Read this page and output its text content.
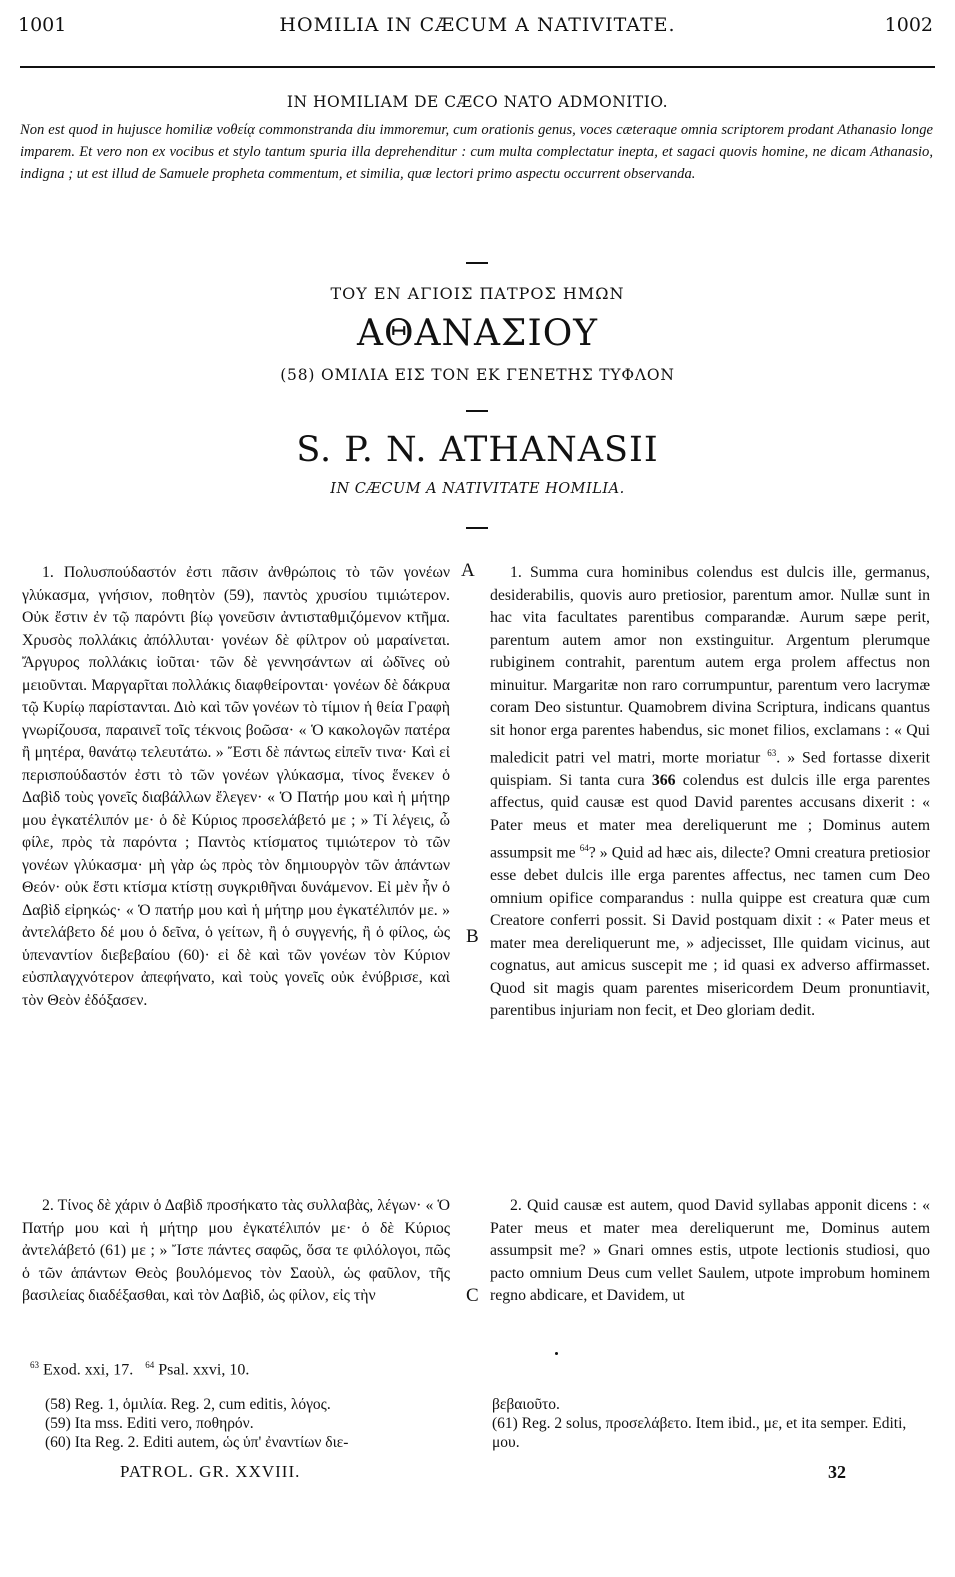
1001	HOMILIA IN CÆCUM A NATIVITATE.	1002
IN HOMILIAM DE CÆCO NATO ADMONITIO.
Non est quod in hujusce homiliæ νοθείᾳ commonstranda diu immoremur, cum orationis genus, voces cæteraque omnia scriptorem prodant Athanasio longe imparem. Et vero non ex vocibus et stylo tantum spuria illa deprehenditur : cum multa complectatur inepta, et sagaci quovis homine, ne dicam Athanasio, indigna ; ut est illud de Samuele propheta commentum, et similia, quæ lectori primo aspectu occurrent observanda.
ΤΟΥ ΕΝ ΑΓΙΟΙΣ ΠΑΤΡΟΣ ΗΜΩΝ
ΑΘΑΝΑΣΙΟΥ
(58) ΟΜΙΛΙΑ ΕΙΣ ΤΟΝ ΕΚ ΓΕΝΕΤΗΣ ΤΥΦΛΟΝ
S. P. N. ATHANASII
IN CÆCUM A NATIVITATE HOMILIA.
A
B
C

1. Πολυσπούδαστόν ἐστι πᾶσιν ἀνθρώποις τὸ τῶν γονέων γλύκασμα, γνήσιον, ποθητὸν (59), παντὸς χρυσίου τιμιώτερον. Οὐκ ἔστιν ἐν τῷ παρόντι βίῳ γονεῦσιν ἀντισταθμιζόμενον κτῆμα. Χρυσὸς πολλάκις ἀπόλλυται· γονέων δὲ φίλτρον οὐ μαραίνεται. Ἄργυρος πολλάκις ἰοῦται· τῶν δὲ γεννησάντων αἱ ὠδῖνες οὐ μειοῦνται. Μαργαρῖται πολλάκις διαφθείρονται· γονέων δὲ δάκρυα τῷ Κυρίῳ παρίστανται. Διὸ καὶ τῶν γονέων τὸ τίμιον ἡ θεία Γραφὴ γνωρίζουσα, παραινεῖ τοῖς τέκνοις βοῶσα· « Ὁ κακολογῶν πατέρα ἢ μητέρα, θανάτῳ τελευτάτω. » Ἔστι δὲ πάντως εἰπεῖν τινα· Καὶ εἰ περισπούδαστόν ἐστι τὸ τῶν γονέων γλύκασμα, τίνος ἕνεκεν ὁ Δαβὶδ τοὺς γονεῖς διαβάλλων ἔλεγεν· « Ὁ Πατήρ μου καὶ ἡ μήτηρ μου ἐγκατέλιπόν με· ὁ δὲ Κύριος προσελάβετό με ; » Τί λέγεις, ὦ φίλε, πρὸς τὰ παρόντα ; Παντὸς κτίσματος τιμιώτερον τὸ τῶν γονέων γλύκασμα· μὴ γὰρ ὡς πρὸς τὸν δημιουργὸν τῶν ἁπάντων Θεόν· οὐκ ἔστι κτίσμα κτίστῃ συγκριθῆναι δυνάμενον. Εἰ μὲν ἦν ὁ Δαβὶδ εἰρηκώς· « Ὁ πατήρ μου καὶ ἡ μήτηρ μου ἐγκατέλιπόν με. » ἀντελάβετο δέ μου ὁ δεῖνα, ὁ γείτων, ἢ ὁ συγγενής, ἢ ὁ φίλος, ὡς ὑπεναντίον διεβεβαίου (60)· εἰ δὲ καὶ τῶν γονέων τὸν Κύριον εὐσπλαγχνότερον ἀπεφήνατο, καὶ τοὺς γονεῖς οὐκ ἐνύβρισε, καὶ τὸν Θεὸν ἐδόξασεν.

2. Τίνος δὲ χάριν ὁ Δαβὶδ προσήκατο τὰς συλλαβὰς, λέγων· « Ὁ Πατήρ μου καὶ ἡ μήτηρ μου ἐγκατέλιπόν με· ὁ δὲ Κύριος ἀντελάβετό (61) με ; » Ἴστε πάντες σαφῶς, ὅσα τε φιλόλογοι, πῶς ὁ τῶν ἁπάντων Θεὸς βουλόμενος τὸν Σαοὺλ, ὡς φαῦλον, τῆς βασιλείας διαδέξασθαι, καὶ τὸν Δαβὶδ, ὡς φίλον, εἰς τὴν

1. Summa cura hominibus colendus est dulcis ille, germanus, desiderabilis, quovis auro pretiosior, parentum amor. Nullæ sunt in hac vita facultates parentibus comparandæ. Aurum sæpe perit, parentum autem amor non exstinguitur. Argentum plerumque rubiginem contrahit, parentum autem erga prolem affectus non minuitur. Margaritæ non raro corrumpuntur, parentum vero lacrymæ coram Deo sistuntur. Quamobrem divina Scriptura, indicans quantus sit honor erga parentes habendus, sic monet filios, exclamans : « Qui maledicit patri vel matri, morte moriatur $^{63}$. » Sed fortasse dixerit quispiam. Si tanta cura 366 colendus est dulcis ille erga parentes affectus, quid causæ est quod David parentes accusans dixerit : « Pater meus et mater mea dereliquerunt me ; Dominus autem assumpsit me $^{64}$? » Quid ad hæc ais, dilecte? Omni creatura pretiosior esse debet dulcis ille erga parentes affectus, nec tamen cum Deo omnium opifice comparandus : nulla quippe est creatura quæ cum Creatore conferri possit. Si David postquam dixit : « Pater meus et mater mea dereliquerunt me, » adjecisset, Ille quidam vicinus, aut cognatus, aut amicus suscepit me ; id quasi ex adverso affirmasset. Quod sit magis quam parentes misericordem Deum pronuntiavit, parentibus injuriam non fecit, et Deo gloriam dedit.

2. Quid causæ est autem, quod David syllabas apponit dicens : « Pater meus et mater mea dereliquerunt me, Dominus autem assumpsit me? » Gnari omnes estis, utpote lectionis studiosi, quo pacto omnium Deus cum vellet Saulem, utpote improbum hominem regno abdicare, et Davidem, ut

$^{63}$ Exod. xxi, 17. $^{64}$ Psal. xxvi, 10.

(58) Reg. 1, ὁμιλία. Reg. 2, cum editis, λόγος.

(59) Ita mss. Editi vero, ποθηρόν.

(60) Ita Reg. 2. Editi autem, ὡς ὑπ' ἐναντίων διε-

βεβαιοῦτο.

(61) Reg. 2 solus, προσελάβετο. Item ibid., με, et ita semper. Editi, μου.

PATROL. GR. XXVIII.	32
